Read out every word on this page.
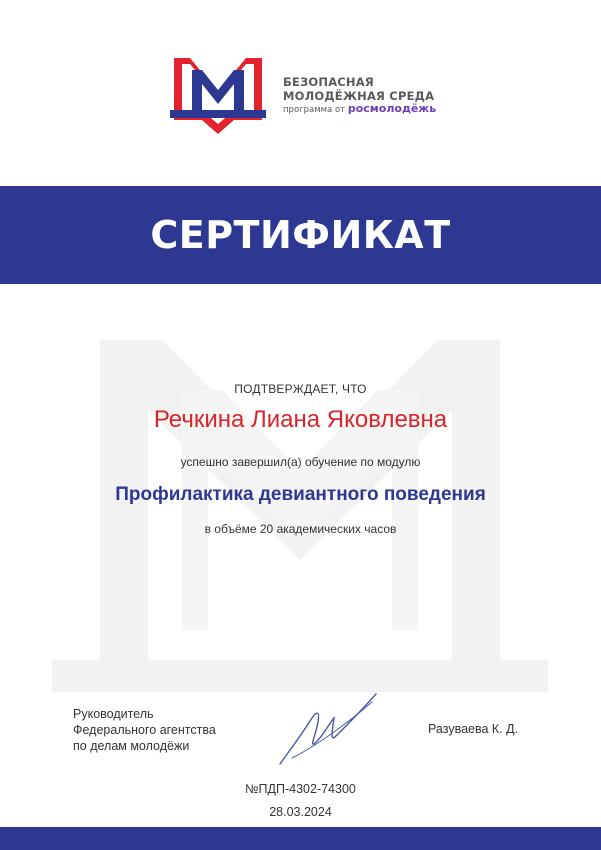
БЕЗОПАСНАЯ
МОЛОДЁЖНАЯ СРЕДА
программа от росмолодёжь
СЕРТИФИКАТ
ПОДТВЕРЖДАЕТ, ЧТО
Речкина Лиана Яковлевна
успешно завершил(а) обучение по модулю
Профилактика девиантного поведения
в объёме 20 академических часов
Руководитель
Федерального агентства
по делам молодёжи
Разуваева К. Д.
№ПДП-4302-74300
28.03.2024
